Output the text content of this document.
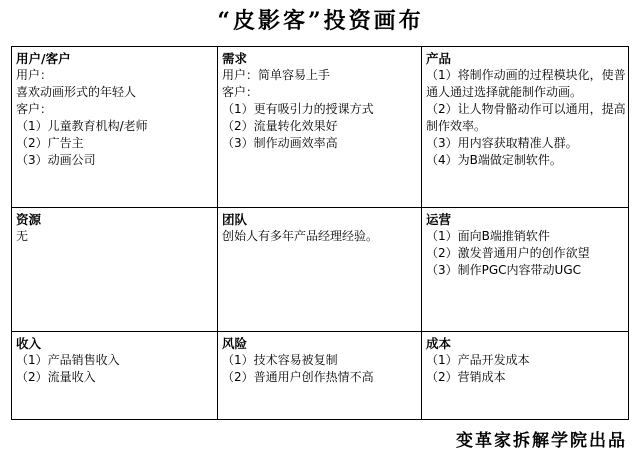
“皮影客”投资画布
用户/客户
用户：
喜欢动画形式的年轻人
客户：
（1）儿童教育机构/老师
（2）广告主
（3）动画公司
需求
用户：简单容易上手
客户：
（1）更有吸引力的授课方式
（2）流量转化效果好
（3）制作动画效率高
产品
（1）将制作动画的过程模块化，使普通人通过选择就能制作动画。
（2）让人物骨骼动作可以通用，提高制作效率。
（3）用内容获取精准人群。
（4）为B端做定制软件。
资源
无
团队
创始人有多年产品经理经验。
运营
（1）面向B端推销软件
（2）激发普通用户的创作欲望
（3）制作PGC内容带动UGC
收入
（1）产品销售收入
（2）流量收入
风险
（1）技术容易被复制
（2）普通用户创作热情不高
成本
（1）产品开发成本
（2）营销成本
变革家拆解学院出品
